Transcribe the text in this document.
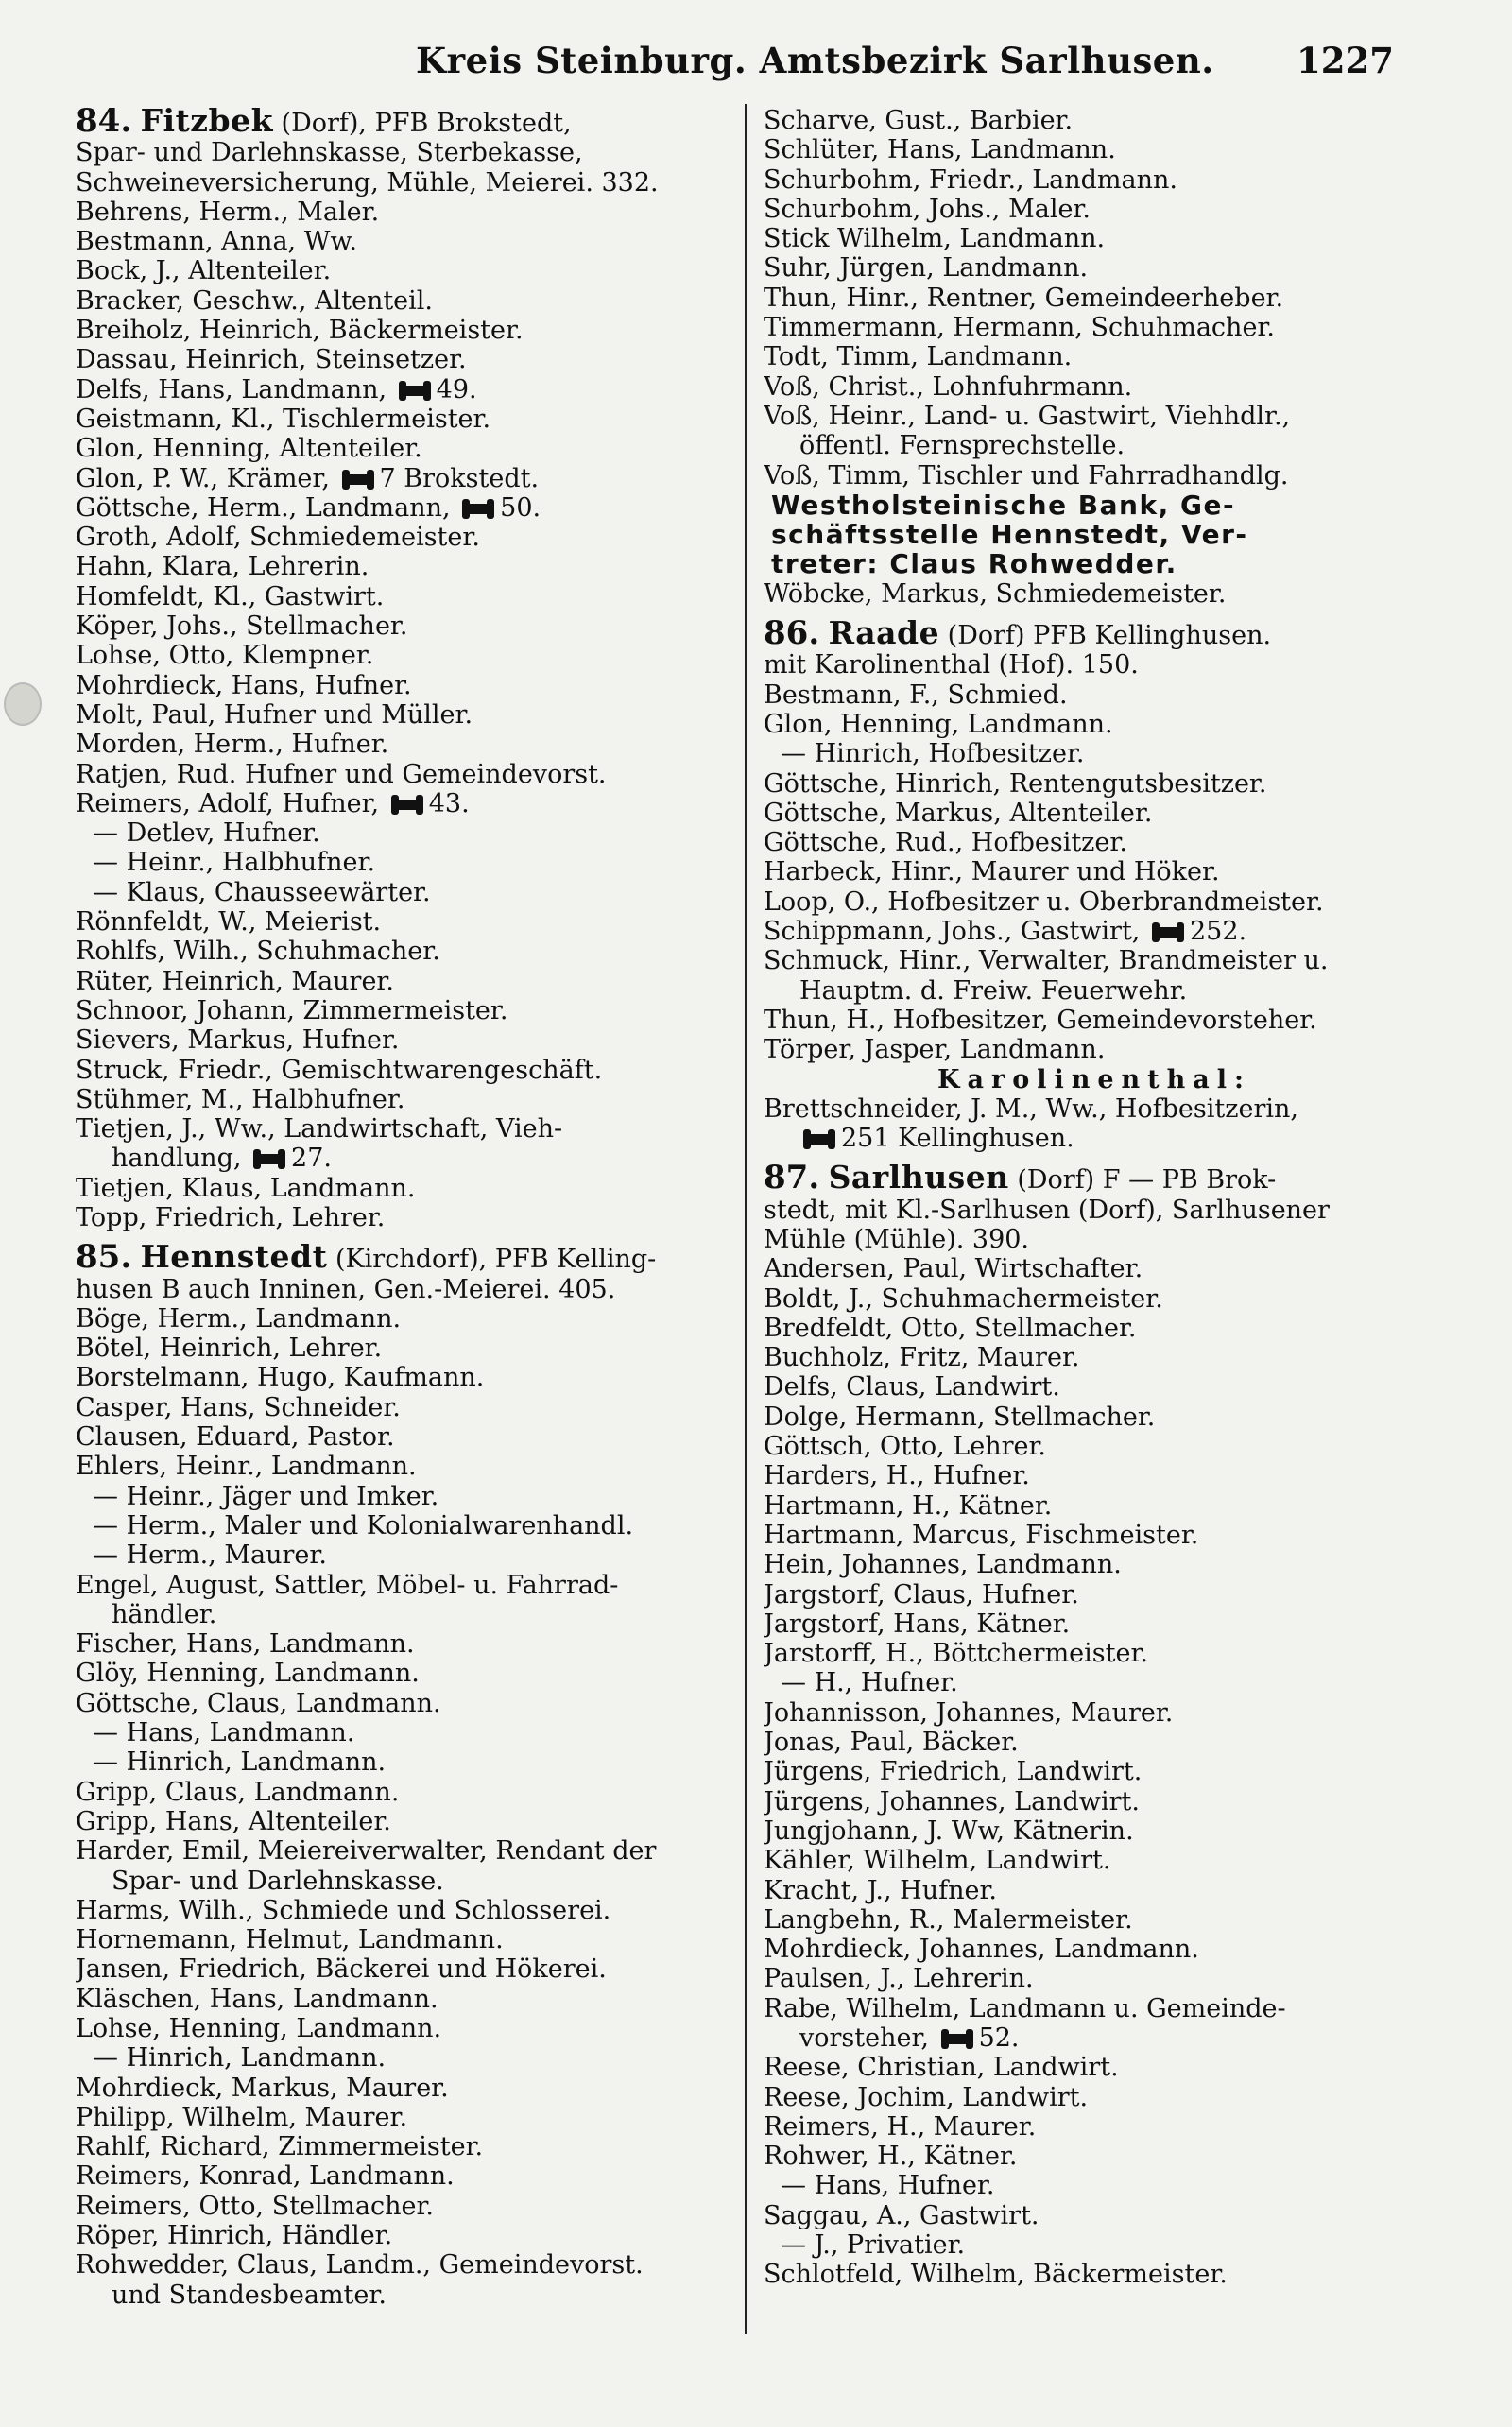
Kreis Steinburg. Amtsbezirk Sarlhusen. 1227
84. Fitzbek (Dorf), PFB Brokstedt,
Spar- und Darlehnskasse, Sterbekasse,
Schweineversicherung, Mühle, Meierei. 332.
Behrens, Herm., Maler.
Bestmann, Anna, Ww.
Bock, J., Altenteiler.
Bracker, Geschw., Altenteil.
Breiholz, Heinrich, Bäckermeister.
Dassau, Heinrich, Steinsetzer.
Delfs, Hans, Landmann, 49.
Geistmann, Kl., Tischlermeister.
Glon, Henning, Altenteiler.
Glon, P. W., Krämer, 7 Brokstedt.
Göttsche, Herm., Landmann, 50.
Groth, Adolf, Schmiedemeister.
Hahn, Klara, Lehrerin.
Homfeldt, Kl., Gastwirt.
Köper, Johs., Stellmacher.
Lohse, Otto, Klempner.
Mohrdieck, Hans, Hufner.
Molt, Paul, Hufner und Müller.
Morden, Herm., Hufner.
Ratjen, Rud. Hufner und Gemeindevorst.
Reimers, Adolf, Hufner, 43.
— Detlev, Hufner.
— Heinr., Halbhufner.
— Klaus, Chausseewärter.
Rönnfeldt, W., Meierist.
Rohlfs, Wilh., Schuhmacher.
Rüter, Heinrich, Maurer.
Schnoor, Johann, Zimmermeister.
Sievers, Markus, Hufner.
Struck, Friedr., Gemischtwarengeschäft.
Stühmer, M., Halbhufner.
Tietjen, J., Ww., Landwirtschaft, Vieh-
handlung, 27.
Tietjen, Klaus, Landmann.
Topp, Friedrich, Lehrer.
85. Hennstedt (Kirchdorf), PFB Kelling-
husen B auch Inninen, Gen.-Meierei. 405.
Böge, Herm., Landmann.
Bötel, Heinrich, Lehrer.
Borstelmann, Hugo, Kaufmann.
Casper, Hans, Schneider.
Clausen, Eduard, Pastor.
Ehlers, Heinr., Landmann.
— Heinr., Jäger und Imker.
— Herm., Maler und Kolonialwarenhandl.
— Herm., Maurer.
Engel, August, Sattler, Möbel- u. Fahrrad-
händler.
Fischer, Hans, Landmann.
Glöy, Henning, Landmann.
Göttsche, Claus, Landmann.
— Hans, Landmann.
— Hinrich, Landmann.
Gripp, Claus, Landmann.
Gripp, Hans, Altenteiler.
Harder, Emil, Meiereiverwalter, Rendant der
Spar- und Darlehnskasse.
Harms, Wilh., Schmiede und Schlosserei.
Hornemann, Helmut, Landmann.
Jansen, Friedrich, Bäckerei und Hökerei.
Kläschen, Hans, Landmann.
Lohse, Henning, Landmann.
— Hinrich, Landmann.
Mohrdieck, Markus, Maurer.
Philipp, Wilhelm, Maurer.
Rahlf, Richard, Zimmermeister.
Reimers, Konrad, Landmann.
Reimers, Otto, Stellmacher.
Röper, Hinrich, Händler.
Rohwedder, Claus, Landm., Gemeindevorst.
und Standesbeamter.
Scharve, Gust., Barbier.
Schlüter, Hans, Landmann.
Schurbohm, Friedr., Landmann.
Schurbohm, Johs., Maler.
Stick Wilhelm, Landmann.
Suhr, Jürgen, Landmann.
Thun, Hinr., Rentner, Gemeindeerheber.
Timmermann, Hermann, Schuhmacher.
Todt, Timm, Landmann.
Voß, Christ., Lohnfuhrmann.
Voß, Heinr., Land- u. Gastwirt, Viehhdlr.,
öffentl. Fernsprechstelle.
Voß, Timm, Tischler und Fahrradhandlg.
Westholsteinische Bank, Ge-
schäftsstelle Hennstedt, Ver-
treter: Claus Rohwedder.
Wöbcke, Markus, Schmiedemeister.
86. Raade (Dorf) PFB Kellinghusen.
mit Karolinenthal (Hof). 150.
Bestmann, F., Schmied.
Glon, Henning, Landmann.
— Hinrich, Hofbesitzer.
Göttsche, Hinrich, Rentengutsbesitzer.
Göttsche, Markus, Altenteiler.
Göttsche, Rud., Hofbesitzer.
Harbeck, Hinr., Maurer und Höker.
Loop, O., Hofbesitzer u. Oberbrandmeister.
Schippmann, Johs., Gastwirt, 252.
Schmuck, Hinr., Verwalter, Brandmeister u.
Hauptm. d. Freiw. Feuerwehr.
Thun, H., Hofbesitzer, Gemeindevorsteher.
Törper, Jasper, Landmann.
Karolinenthal:
Brettschneider, J. M., Ww., Hofbesitzerin,
251 Kellinghusen.
87. Sarlhusen (Dorf) F — PB Brok-
stedt, mit Kl.-Sarlhusen (Dorf), Sarlhusener
Mühle (Mühle). 390.
Andersen, Paul, Wirtschafter.
Boldt, J., Schuhmachermeister.
Bredfeldt, Otto, Stellmacher.
Buchholz, Fritz, Maurer.
Delfs, Claus, Landwirt.
Dolge, Hermann, Stellmacher.
Göttsch, Otto, Lehrer.
Harders, H., Hufner.
Hartmann, H., Kätner.
Hartmann, Marcus, Fischmeister.
Hein, Johannes, Landmann.
Jargstorf, Claus, Hufner.
Jargstorf, Hans, Kätner.
Jarstorff, H., Böttchermeister.
— H., Hufner.
Johannisson, Johannes, Maurer.
Jonas, Paul, Bäcker.
Jürgens, Friedrich, Landwirt.
Jürgens, Johannes, Landwirt.
Jungjohann, J. Ww, Kätnerin.
Kähler, Wilhelm, Landwirt.
Kracht, J., Hufner.
Langbehn, R., Malermeister.
Mohrdieck, Johannes, Landmann.
Paulsen, J., Lehrerin.
Rabe, Wilhelm, Landmann u. Gemeinde-
vorsteher, 52.
Reese, Christian, Landwirt.
Reese, Jochim, Landwirt.
Reimers, H., Maurer.
Rohwer, H., Kätner.
— Hans, Hufner.
Saggau, A., Gastwirt.
— J., Privatier.
Schlotfeld, Wilhelm, Bäckermeister.
